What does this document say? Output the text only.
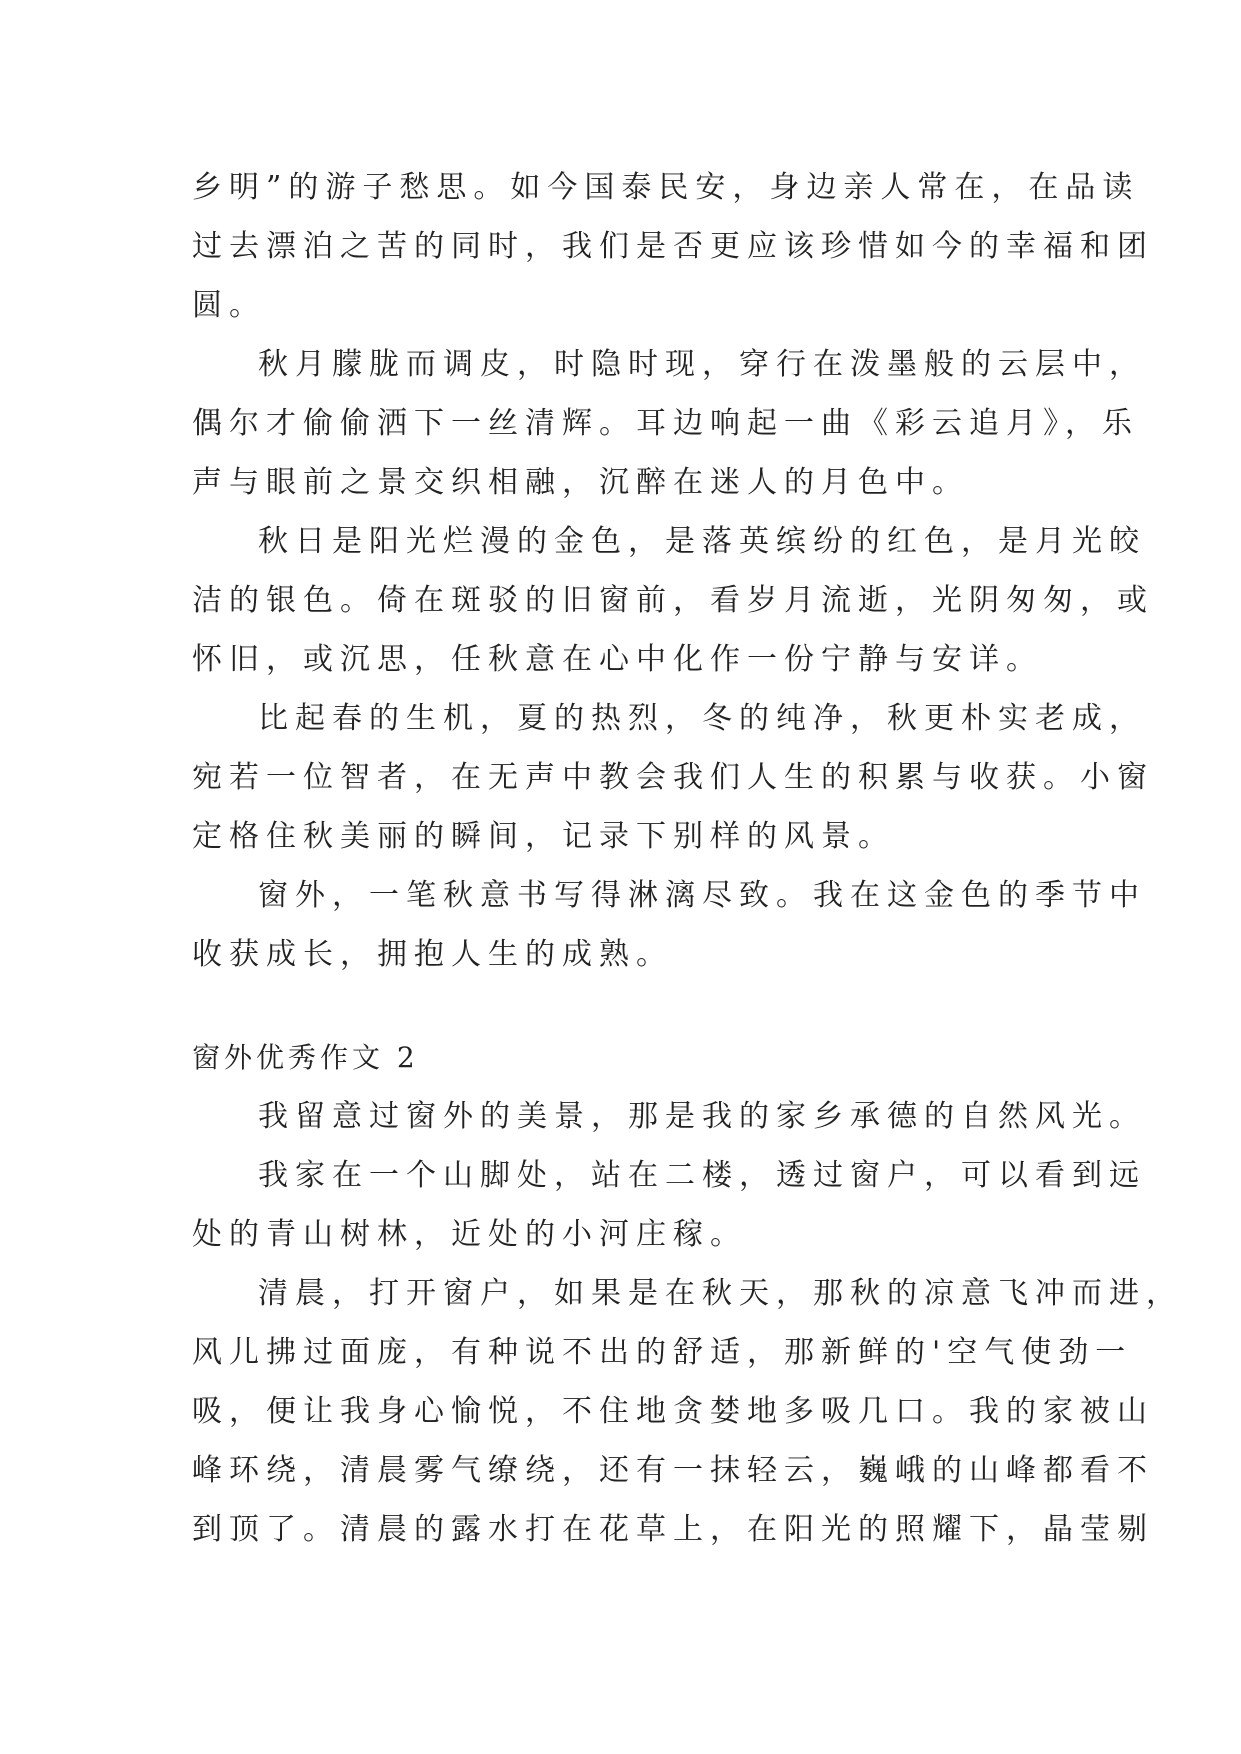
乡明”的游子愁思。如今国泰民安，身边亲人常在，在品读
过去漂泊之苦的同时，我们是否更应该珍惜如今的幸福和团
圆。
秋月朦胧而调皮，时隐时现，穿行在泼墨般的云层中，
偶尔才偷偷洒下一丝清辉。耳边响起一曲《彩云追月》，乐
声与眼前之景交织相融，沉醉在迷人的月色中。
秋日是阳光烂漫的金色，是落英缤纷的红色，是月光皎
洁的银色。倚在斑驳的旧窗前，看岁月流逝，光阴匆匆，或
怀旧，或沉思，任秋意在心中化作一份宁静与安详。
比起春的生机，夏的热烈，冬的纯净，秋更朴实老成，
宛若一位智者，在无声中教会我们人生的积累与收获。小窗
定格住秋美丽的瞬间，记录下别样的风景。
窗外，一笔秋意书写得淋漓尽致。我在这金色的季节中
收获成长，拥抱人生的成熟。
窗外优秀作文 2
我留意过窗外的美景，那是我的家乡承德的自然风光。
我家在一个山脚处，站在二楼，透过窗户，可以看到远
处的青山树林，近处的小河庄稼。
清晨，打开窗户，如果是在秋天，那秋的凉意飞冲而进，
风儿拂过面庞，有种说不出的舒适，那新鲜的'空气使劲一
吸，便让我身心愉悦，不住地贪婪地多吸几口。我的家被山
峰环绕，清晨雾气缭绕，还有一抹轻云，巍峨的山峰都看不
到顶了。清晨的露水打在花草上，在阳光的照耀下，晶莹剔
